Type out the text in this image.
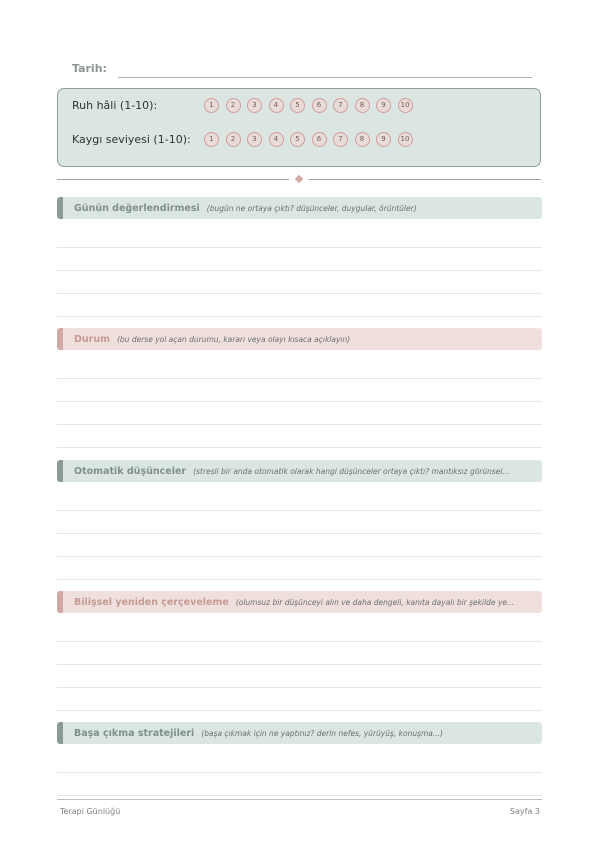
Tarih:
Ruh hâli (1-10):	1	2	3	4	5	6	7	8	9	10
Kaygı seviyesi (1-10):	1	2	3	4	5	6	7	8	9	10
Günün değerlendirmesi (bugün ne ortaya çıktı? düşünceler, duygular, örüntüler)
Durum (bu derse yol açan durumu, kararı veya olayı kısaca açıklayın)
Otomatik düşünceler (stresli bir anda otomatik olarak hangi düşünceler ortaya çıktı? mantıksız görünsel...
Bilişsel yeniden çerçeveleme (olumsuz bir düşünceyi alın ve daha dengeli, kanıta dayalı bir şekilde ye...
Başa çıkma stratejileri (başa çıkmak için ne yaptınız? derin nefes, yürüyüş, konuşma...)
Terapi Günlüğü	Sayfa 3
